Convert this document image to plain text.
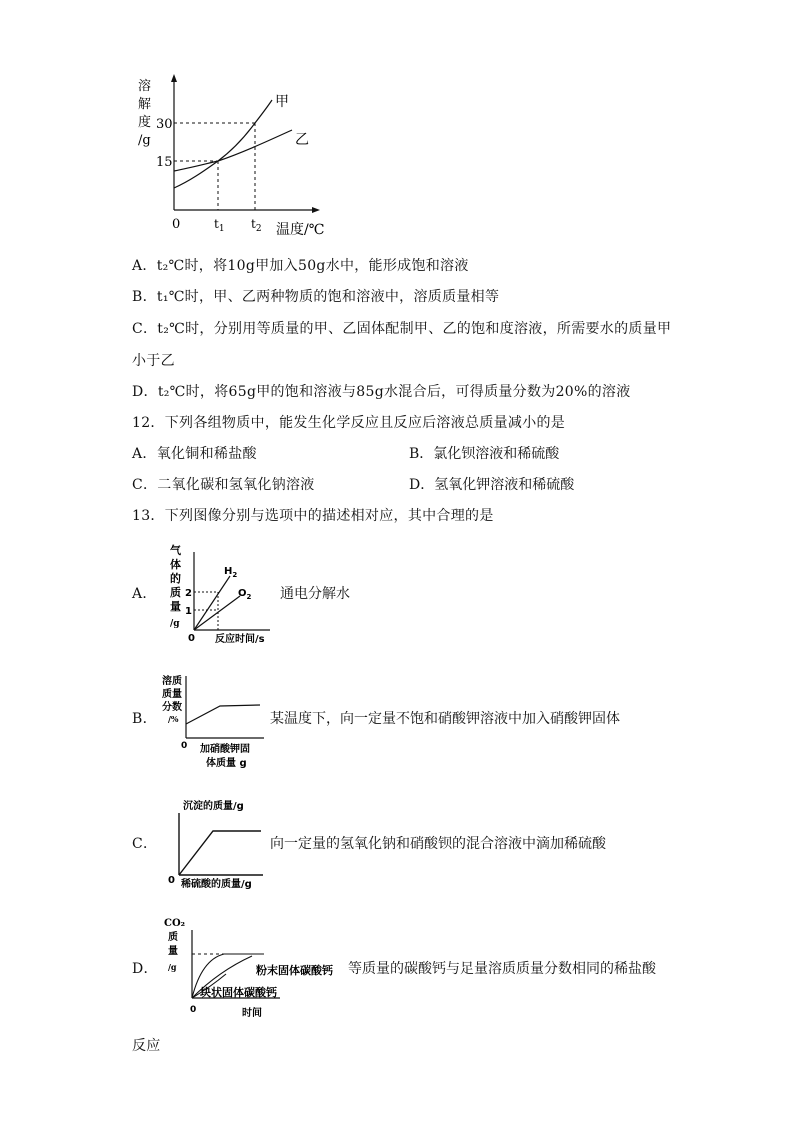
溶
解
度
/g
甲
乙
30
15
0	$t_1$ $t_2$ 温度/℃
A．t₂℃时，将10g甲加入50g水中，能形成饱和溶液
B．t₁℃时，甲、乙两种物质的饱和溶液中，溶质质量相等
C．t₂℃时，分别用等质量的甲、乙固体配制甲、乙的饱和度溶液，所需要水的质量甲
小于乙
D．t₂℃时，将65g甲的饱和溶液与85g水混合后，可得质量分数为20%的溶液
12．下列各组物质中，能发生化学反应且反应后溶液总质量减小的是
A．氧化铜和稀盐酸	B．氯化钡溶液和稀硫酸
C．二氧化碳和氢氧化钠溶液	D．氢氧化钾溶液和稀硫酸
13．下列图像分别与选项中的描述相对应，其中合理的是
A．
气
体
的
质
量
/g
$H_2$
$O_2$
2
1
0 反应时间/s
通电分解水
B．
溶质
质量
分数
/%
0 加硝酸钾固
体质量 g
某温度下，向一定量不饱和硝酸钾溶液中加入硝酸钾固体
C．
沉淀的质量/g
0 稀硫酸的质量/g
向一定量的氢氧化钠和硝酸钡的混合溶液中滴加稀硫酸
D．
CO₂
质
量
/g	粉末固体碳酸钙
块状固体碳酸钙
0	时间
等质量的碳酸钙与足量溶质质量分数相同的稀盐酸
反应
